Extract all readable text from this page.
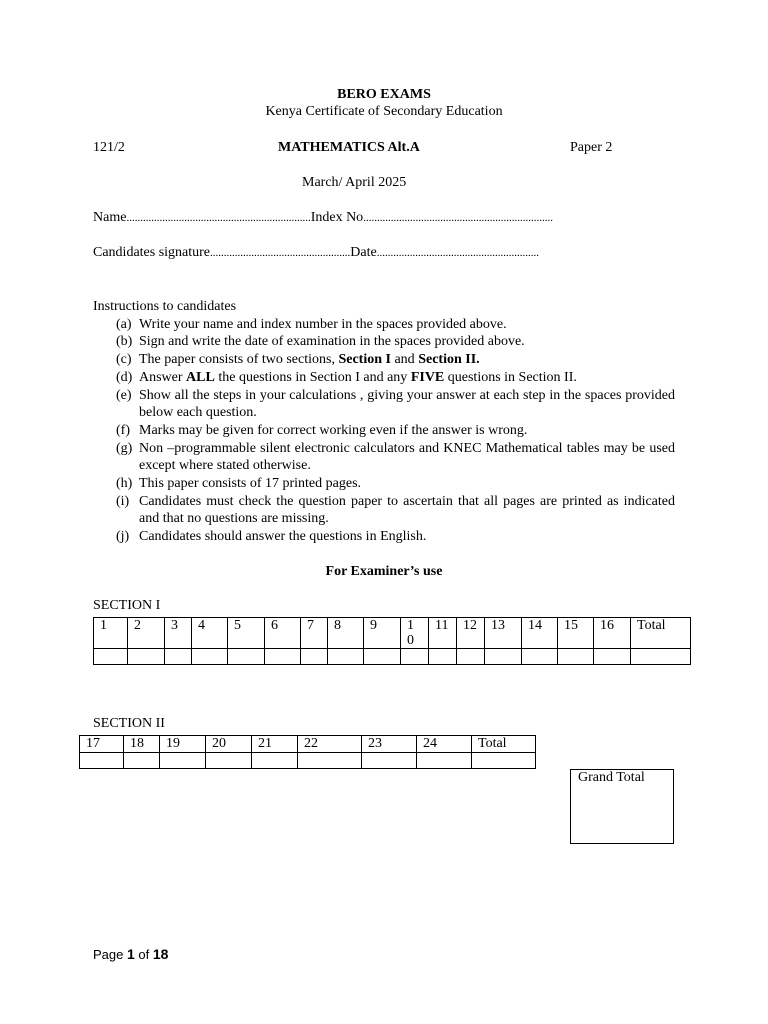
BERO EXAMS
Kenya Certificate of Secondary Education
121/2	MATHEMATICS Alt.A	Paper 2
March/ April 2025
Name...................................................................Index No.....................................................................
Candidates signature...................................................Date...........................................................
Instructions to candidates
(a) Write your name and index number in the spaces provided above.
(b) Sign and write the date of examination in the spaces provided above.
(c) The paper consists of two sections, Section I and Section II.
(d) Answer ALL the questions in Section I and any FIVE questions in Section II.
(e) Show all the steps in your calculations , giving your answer at each step in the spaces provided below each question.
(f) Marks may be given for correct working even if the answer is wrong.
(g) Non –programmable silent electronic calculators and KNEC Mathematical tables may be used except where stated otherwise.
(h) This paper consists of 17 printed pages.
(i) Candidates must check the question paper to ascertain that all pages are printed as indicated and that no questions are missing.
(j) Candidates should answer the questions in English.
For Examiner’s use
SECTION I
1	2	3	4	5	6	7	8	9	1 0	11	12	13	14	15	16	Total

SECTION II
17	18	19	20	21	22	23	24	Total

Grand Total
Page 1 of 18
